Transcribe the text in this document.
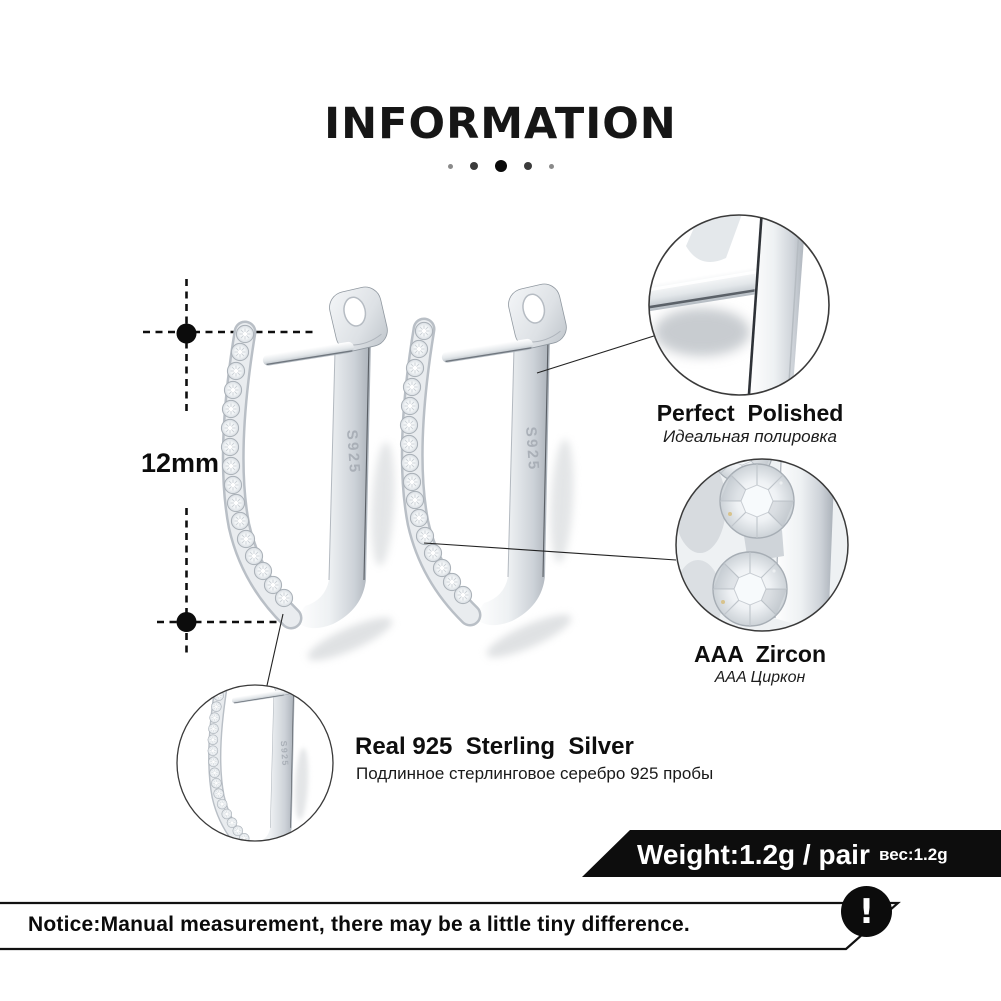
S925
INFORMATION
12mm
Perfect  Polished
Идеальная полировка
AAA  Zircon
AAA Циркон
Real 925  Sterling  Silver
Подлинное стерлинговое серебро 925 пробы
Weight:1.2g / pair вес:1.2g
Notice:Manual measurement, there may be a little tiny difference.	!
